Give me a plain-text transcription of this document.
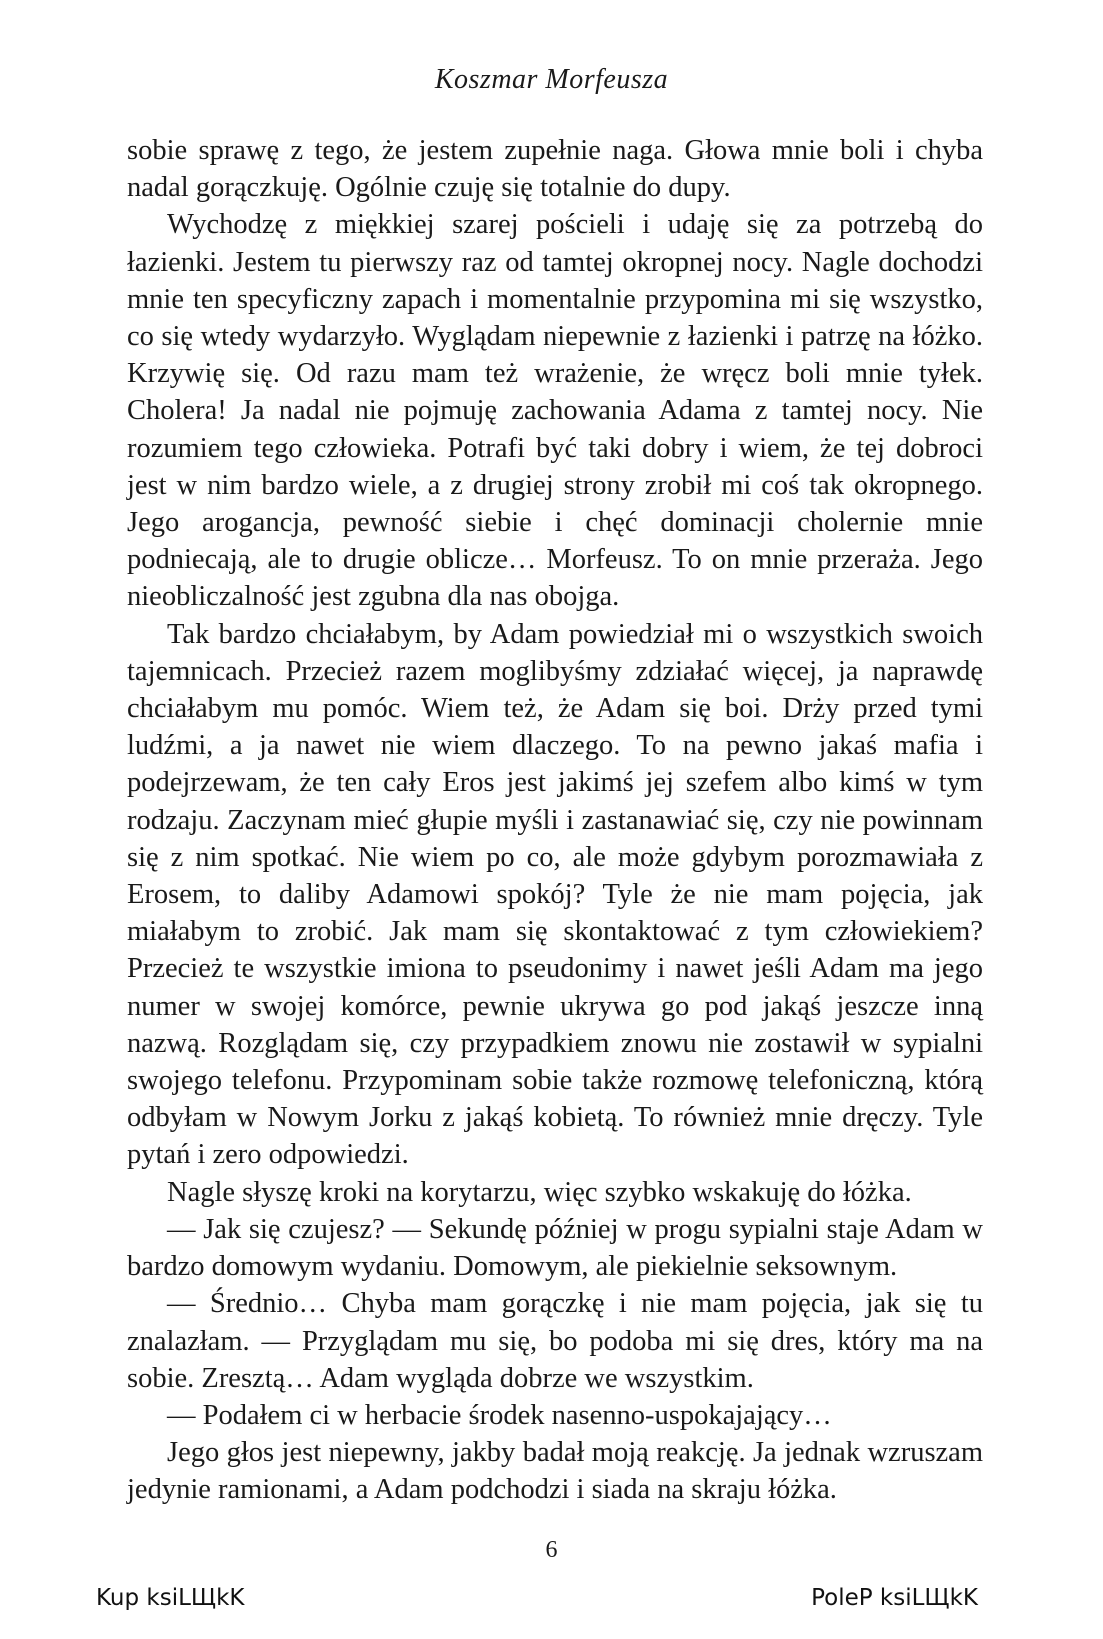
Koszmar Morfeusza

sobie sprawę z tego, że jestem zupełnie naga. Głowa mnie boli i chyba nadal gorączkuję. Ogólnie czuję się totalnie do dupy.

Wychodzę z miękkiej szarej pościeli i udaję się za potrzebą do łazienki. Jestem tu pierwszy raz od tamtej okropnej nocy. Nagle dochodzi mnie ten specyficzny zapach i momentalnie przypomina mi się wszystko, co się wtedy wydarzyło. Wyglądam niepewnie z łazienki i patrzę na łóżko. Krzywię się. Od razu mam też wrażenie, że wręcz boli mnie tyłek. Cholera! Ja nadal nie pojmuję zachowania Adama z tamtej nocy. Nie rozumiem tego człowieka. Potrafi być taki dobry i wiem, że tej dobroci jest w nim bardzo wiele, a z drugiej strony zrobił mi coś tak okropnego. Jego arogancja, pewność siebie i chęć dominacji cholernie mnie podniecają, ale to drugie oblicze… Morfeusz. To on mnie przeraża. Jego nieobliczalność jest zgubna dla nas obojga.

Tak bardzo chciałabym, by Adam powiedział mi o wszystkich swoich tajemnicach. Przecież razem moglibyśmy zdziałać więcej, ja naprawdę chciałabym mu pomóc. Wiem też, że Adam się boi. Drży przed tymi ludźmi, a ja nawet nie wiem dlaczego. To na pewno jakaś mafia i podejrzewam, że ten cały Eros jest jakimś jej szefem albo kimś w tym rodzaju. Zaczynam mieć głupie myśli i zastanawiać się, czy nie powinnam się z nim spotkać. Nie wiem po co, ale może gdybym porozmawiała z Erosem, to daliby Adamowi spokój? Tyle że nie mam pojęcia, jak miałabym to zrobić. Jak mam się skontaktować z tym człowiekiem? Przecież te wszystkie imiona to pseudonimy i nawet jeśli Adam ma jego numer w swojej komórce, pewnie ukrywa go pod jakąś jeszcze inną nazwą. Rozglądam się, czy przypadkiem znowu nie zostawił w sypialni swojego telefonu. Przypominam sobie także rozmowę telefoniczną, którą odbyłam w Nowym Jorku z jakąś kobietą. To również mnie dręczy. Tyle pytań i zero odpowiedzi.

Nagle słyszę kroki na korytarzu, więc szybko wskakuję do łóżka.

— Jak się czujesz? — Sekundę później w progu sypialni staje Adam w bardzo domowym wydaniu. Domowym, ale piekielnie seksownym.

— Średnio… Chyba mam gorączkę i nie mam pojęcia, jak się tu znalazłam. — Przyglądam mu się, bo podoba mi się dres, który ma na sobie. Zresztą… Adam wygląda dobrze we wszystkim.

— Podałem ci w herbacie środek nasenno-uspokajający…

Jego głos jest niepewny, jakby badał moją reakcję. Ja jednak wzruszam jedynie ramionami, a Adam podchodzi i siada na skraju łóżka.

6
Kup ksiLЩkK	PoleP ksiLЩkK
